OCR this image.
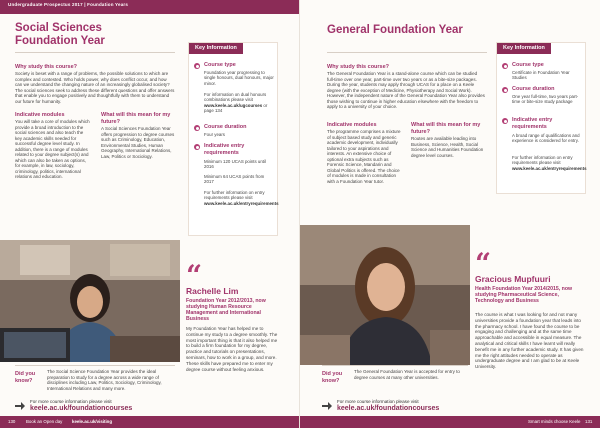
Undergraduate Prospectus 2017 | Foundation Years
Social Sciences Foundation Year

Why study this course?

Society is beset with a range of problems, the possible solutions to which are complex and contested. Who holds power, why does conflict occur, and how can we understand the changing nature of an increasingly globalised society? The social sciences seek to address these different questions and offer answers that enable you to engage positively and thoughtfully with them to understand our future for humanity.

Indicative modules

You will take a core of modules which provide a broad introduction to the social sciences and also teach the key academic skills needed for successful degree level study. In addition, there is a range of modules related to your degree subject(s) and which can also be taken as options, for example, in law, sociology, criminology, politics, international relations and education.

What will this mean for my future?

A Social Sciences Foundation Year offers progression to degree courses such as Criminology, Education, Environmental Studies, Human Geography, International Relations, Law, Politics or Sociology.

Key Information
Course type

Foundation year progressing to single honours, dual honours, major minor.

For information on dual honours combinations please visit www.keele.ac.uk/ugcourses or page 134

Course duration

Four years

Indicative entry requirements

Minimum 120 UCAS points until 2016

Minimum 64 UCAS points from 2017

For further information on entry requirements please visit www.keele.ac.uk/entryrequirements

“

Rachelle Lim

Foundation Year 2012/2013, now studying Human Resource Management and International Business

My Foundation Year has helped me to continue my study to a degree smoothly. The most important thing is that it also helped me to build a firm foundation for my degree, practice and tutorials on presentations, seminars, how to work in a group, and more. These skills have prepared me to enter my degree course without feeling anxious.

Did you know?

The Social Science Foundation Year provides the ideal preparation to study for a degree across a wide range of disciplines including Law, Politics, Sociology, Criminology, International Relations and many more.

For more course information please visit
keele.ac.uk/foundationcourses
130 Book an Open day keele.ac.uk/visiting
General Foundation Year

Why study this course?

The General Foundation Year is a stand-alone course which can be studied full-time over one year, part-time over two years or as a bite-size packages. During the year, students may apply through UCAS for a place on a Keele degree (with the exception of Medicine, Physiotherapy and Social Work). However, the independent nature of the General Foundation Year also provides those wishing to continue in higher education elsewhere with the freedom to apply to a university of your choice.

Indicative modules

The programme comprises a mixture of subject based study and generic academic development, individually tailored to your aspirations and interests. An extensive choice of optional extra subjects such as Forensic Science, Mandarin and Global Politics is offered. The choice of modules is made in consultation with a Foundation Year tutor.

What will this mean for my future?

Routes are available leading into Business, Science, Health, Social Science and Humanities Foundation degree level courses.

Key Information
Course type

Certificate in Foundation Year Studies

Course duration

One year full-time, two years part-time or bite-size study package

Indicative entry requirements

A broad range of qualifications and experience is considered for entry.

For further information on entry requirements please visit www.keele.ac.uk/entryrequirements

“

Gracious Mupfuuri

Health Foundation Year 2014/2015, now studying Pharmaceutical Science, Technology and Business

The course is what I was looking for and not many universities provide a foundation year that leads into the pharmacy school. I have found the course to be engaging and challenging and at the same time approachable and accessible in equal measure. The analytical and critical skills I have learnt will really benefit me in any further academic study. It has given me the right attitudes needed to operate as undergraduate degree and I am glad to be at Keele University.

Did you know?

The General Foundation Year is accepted for entry to degree courses at many other universities.

For more course information please visit
keele.ac.uk/foundationcourses
Smart minds choose Keele 131
